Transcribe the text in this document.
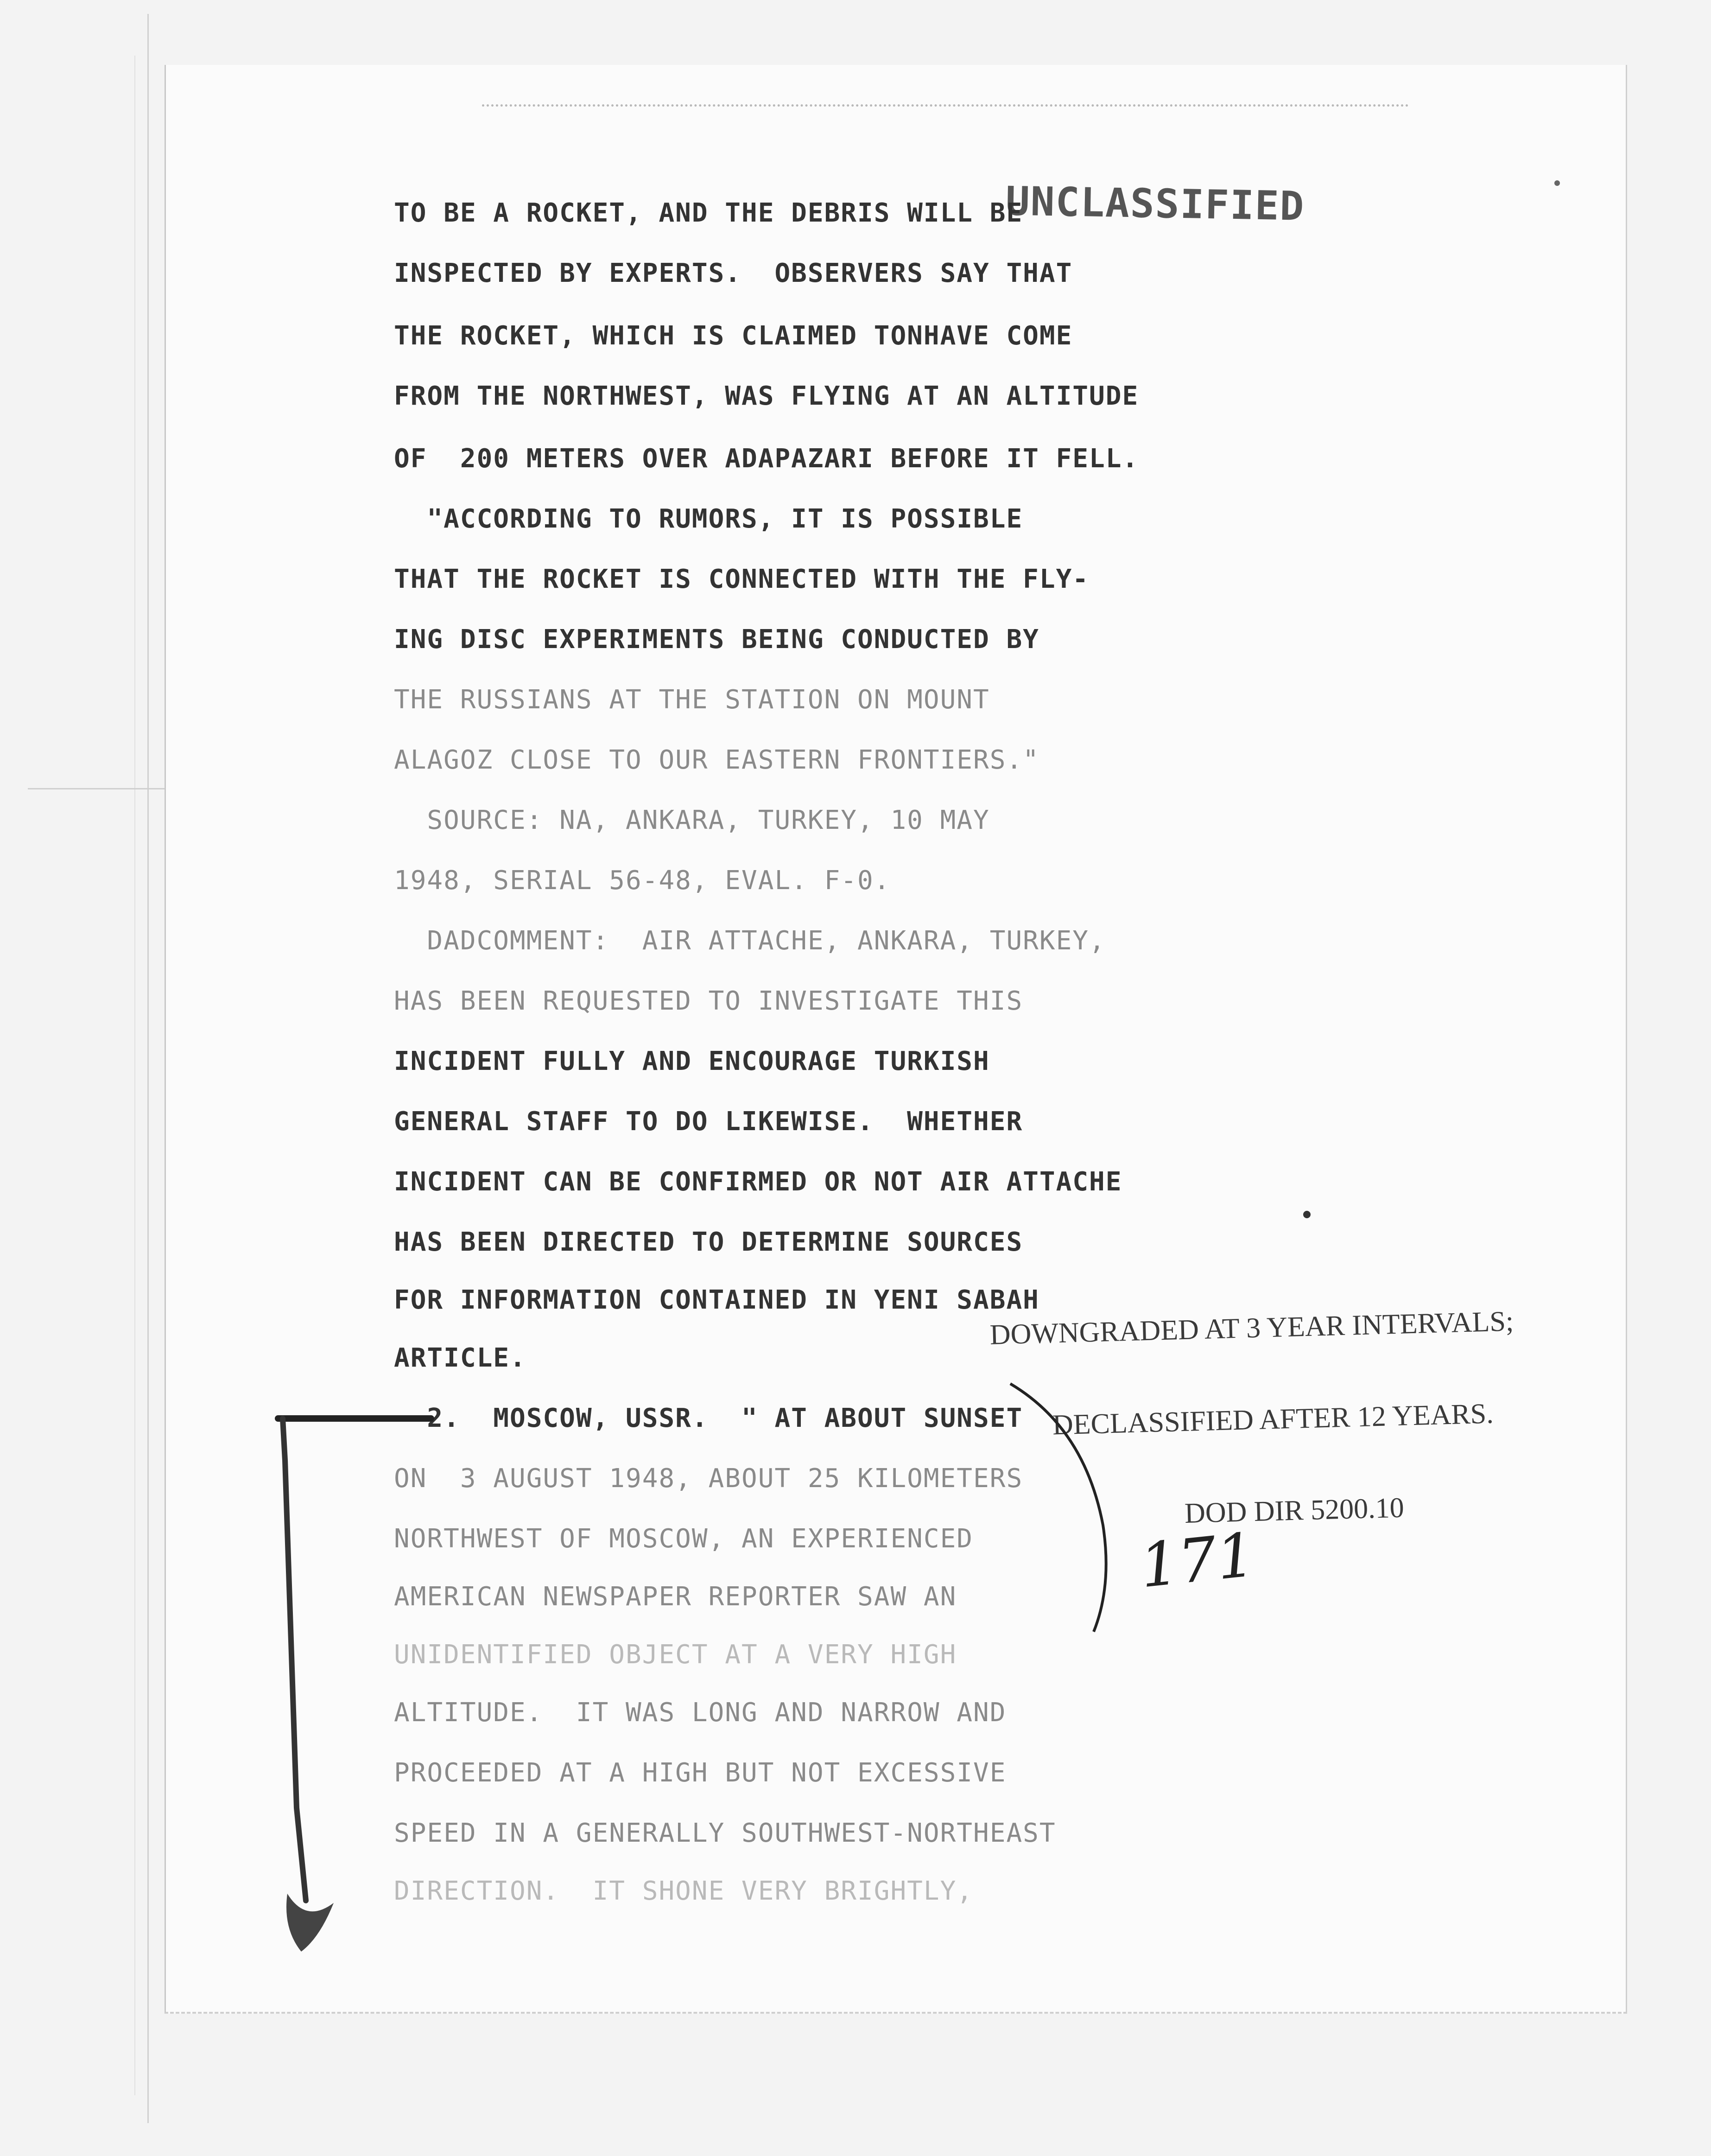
UNCLASSIFIED
TO BE A ROCKET, AND THE DEBRIS WILL BE
INSPECTED BY EXPERTS.  OBSERVERS SAY THAT
THE ROCKET, WHICH IS CLAIMED TONHAVE COME
FROM THE NORTHWEST, WAS FLYING AT AN ALTITUDE
OF  200 METERS OVER ADAPAZARI BEFORE IT FELL.
"ACCORDING TO RUMORS, IT IS POSSIBLE
THAT THE ROCKET IS CONNECTED WITH THE FLY-
ING DISC EXPERIMENTS BEING CONDUCTED BY
THE RUSSIANS AT THE STATION ON MOUNT
ALAGOZ CLOSE TO OUR EASTERN FRONTIERS."
SOURCE: NA, ANKARA, TURKEY, 10 MAY
1948, SERIAL 56-48, EVAL. F-0.
DADCOMMENT:  AIR ATTACHE, ANKARA, TURKEY,
HAS BEEN REQUESTED TO INVESTIGATE THIS
INCIDENT FULLY AND ENCOURAGE TURKISH
GENERAL STAFF TO DO LIKEWISE.  WHETHER
INCIDENT CAN BE CONFIRMED OR NOT AIR ATTACHE
HAS BEEN DIRECTED TO DETERMINE SOURCES
FOR INFORMATION CONTAINED IN YENI SABAH
ARTICLE.
2.  MOSCOW, USSR.  " AT ABOUT SUNSET
ON  3 AUGUST 1948, ABOUT 25 KILOMETERS
NORTHWEST OF MOSCOW, AN EXPERIENCED
AMERICAN NEWSPAPER REPORTER SAW AN
UNIDENTIFIED OBJECT AT A VERY HIGH
ALTITUDE.  IT WAS LONG AND NARROW AND
PROCEEDED AT A HIGH BUT NOT EXCESSIVE
SPEED IN A GENERALLY SOUTHWEST-NORTHEAST
DIRECTION.  IT SHONE VERY BRIGHTLY,

DOWNGRADED AT 3 YEAR INTERVALS;

DECLASSIFIED AFTER 12 YEARS.

DOD DIR 5200.10

171
